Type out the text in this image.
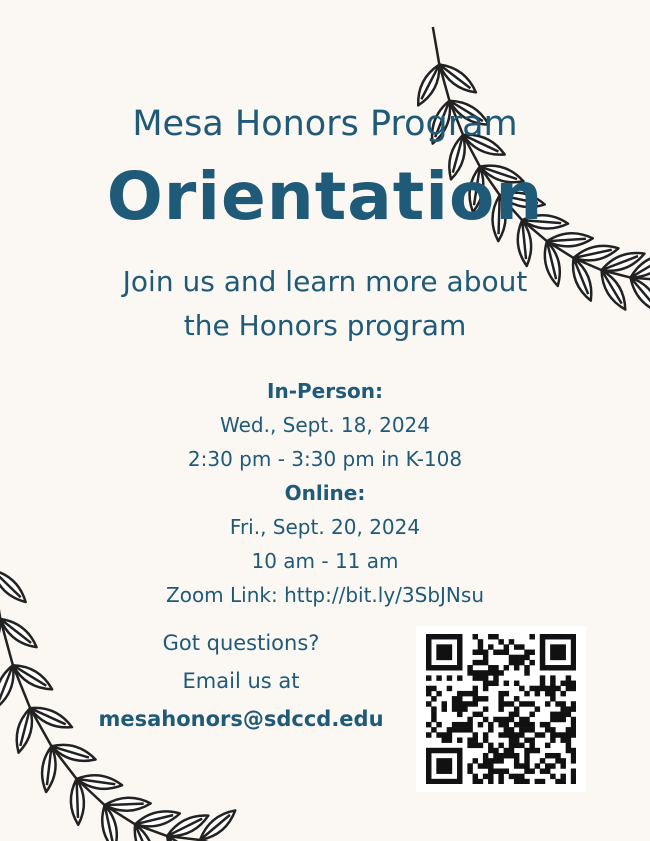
Mesa Honors Program
Orientation
Join us and learn more about
the Honors program
In-Person:
Wed., Sept. 18, 2024
2:30 pm - 3:30 pm in K-108
Online:
Fri., Sept. 20, 2024
10 am - 11 am
Zoom Link: http://bit.ly/3SbJNsu
Got questions?
Email us at
mesahonors@sdccd.edu
